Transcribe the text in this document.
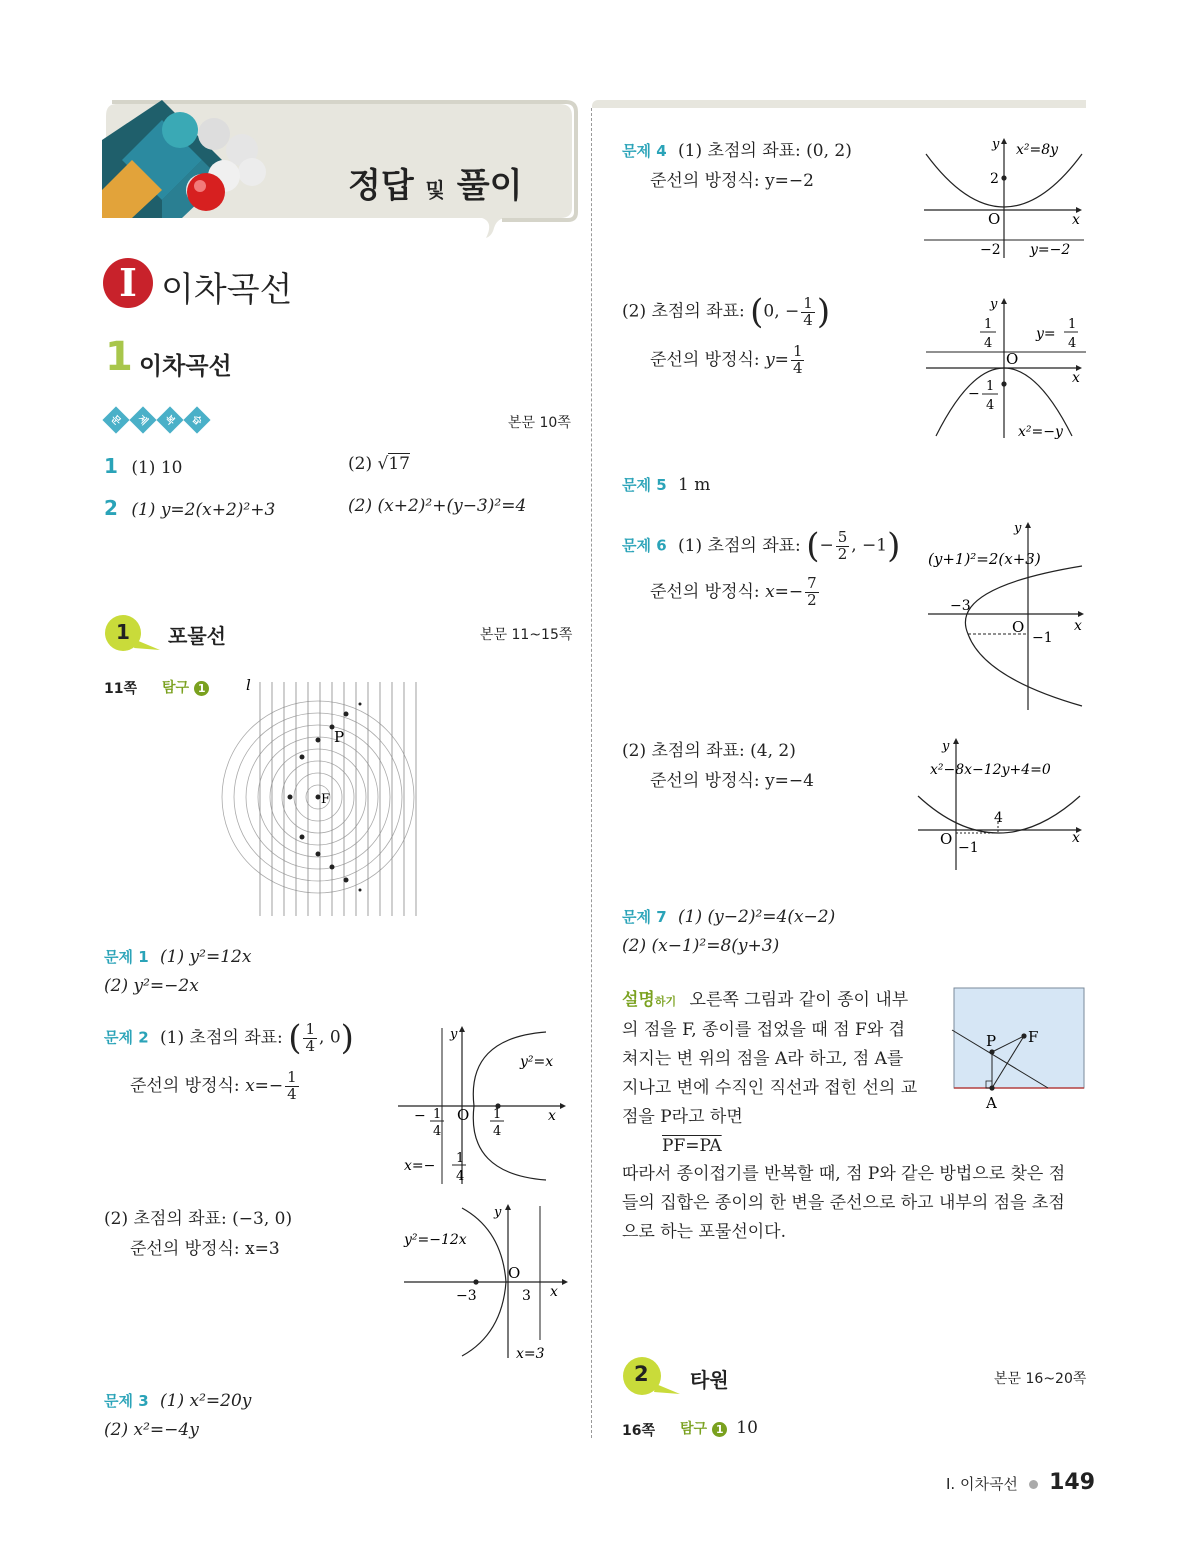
정답 및 풀이
I 이차곡선
1 이차곡선
문	제	복	습	본문 10쪽
1 (1) 10	(2) √17
2 (1) y=2(x+2)²+3	(2) (x+2)²+(y−3)²=4
1 포물선	본문 11~15쪽
11쪽 탐구 1	l
P
F
문제 1 (1) y²=12x
(2) y²=−2x
문제 2 (1) 초점의 좌표: ( $\frac{1}{4}$ , 0)
준선의 방정식: $x=- \frac{1}{4}$
y
x
O
y²=x
− 1
4
1
4
x=− 1
4
(2) 초점의 좌표: (−3, 0)
준선의 방정식: x=3
y
x
O
y²=−12x
−3	3
x=3
문제 3 (1) x²=20y
(2) x²=−4y
문제 4 (1) 초점의 좌표: (0, 2)
준선의 방정식: y=−2
y x²=8y
2
O	x
−2 y=−2
(2) 초점의 좌표: (0, − $\frac{1}{4}$ )
준선의 방정식: $y= \frac{1}{4}$
y
1
4
y=
1
4
O
x
− 1
4
x²=−y
문제 5 1 m
문제 6 (1) 초점의 좌표: (− $\frac{5}{2}$ , −1)
준선의 방정식: $x=- \frac{7}{2}$
y
(y+1)²=2(x+3)
−3
O
−1
x
(2) 초점의 좌표: (4, 2)
준선의 방정식: y=−4
y
x²−8x−12y+4=0
4
O −1
x
문제 7 (1) (y−2)²=4(x−2)
(2) (x−1)²=8(y+3)
설명하기 오른쪽 그림과 같이 종이 내부
의 점을 F, 종이를 접었을 때 점 F와 겹
쳐지는 변 위의 점을 A라 하고, 점 A를
지나고 변에 수직인 직선과 접힌 선의 교
점을 P라고 하면
PF=PA
P F
A
따라서 종이접기를 반복할 때, 점 P와 같은 방법으로 찾은 점
들의 집합은 종이의 한 변을 준선으로 하고 내부의 점을 초점
으로 하는 포물선이다.
2 타원	본문 16~20쪽
16쪽 탐구 1 10
I. 이차곡선 149
